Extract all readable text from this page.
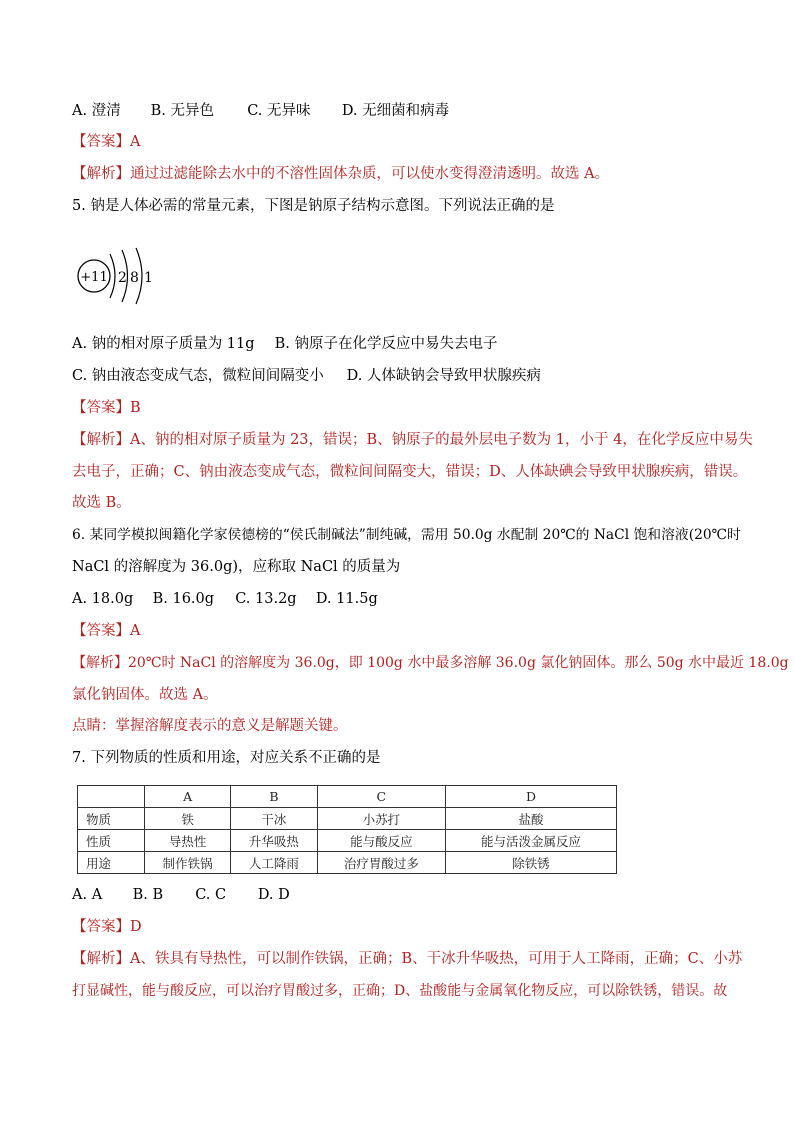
A. 澄清 B. 无异色 C. 无异味 D. 无细菌和病毒
【答案】A
【解析】通过过滤能除去水中的不溶性固体杂质，可以使水变得澄清透明。故选 A。
5. 钠是人体必需的常量元素，下图是钠原子结构示意图。下列说法正确的是
+11 2 8 1
A. 钠的相对原子质量为 11g B. 钠原子在化学反应中易失去电子
C. 钠由液态变成气态，微粒间间隔变小 D. 人体缺钠会导致甲状腺疾病
【答案】B
【解析】A、钠的相对原子质量为 23，错误；B、钠原子的最外层电子数为 1，小于 4，在化学反应中易失
去电子，正确；C、钠由液态变成气态，微粒间间隔变大，错误；D、人体缺碘会导致甲状腺疾病，错误。
故选 B。
6. 某同学模拟闽籍化学家侯德榜的“侯氏制碱法”制纯碱，需用 50.0g 水配制 20℃的 NaCl 饱和溶液(20℃时
NaCl 的溶解度为 36.0g)，应称取 NaCl 的质量为
A. 18.0g B. 16.0g C. 13.2g D. 11.5g
【答案】A
【解析】20℃时 NaCl 的溶解度为 36.0g，即 100g 水中最多溶解 36.0g 氯化钠固体。那么 50g 水中最近 18.0g
氯化钠固体。故选 A。
点睛：掌握溶解度表示的意义是解题关键。
7. 下列物质的性质和用途，对应关系不正确的是
	A	B	C	D
物质	铁	干冰	小苏打	盐酸
性质	导热性	升华吸热	能与酸反应	能与活泼金属反应
用途	制作铁锅	人工降雨	治疗胃酸过多	除铁锈
A. A B. B C. C D. D
【答案】D
【解析】A、铁具有导热性，可以制作铁锅，正确；B、干冰升华吸热，可用于人工降雨，正确；C、小苏
打显碱性，能与酸反应，可以治疗胃酸过多，正确；D、盐酸能与金属氧化物反应，可以除铁锈，错误。故
